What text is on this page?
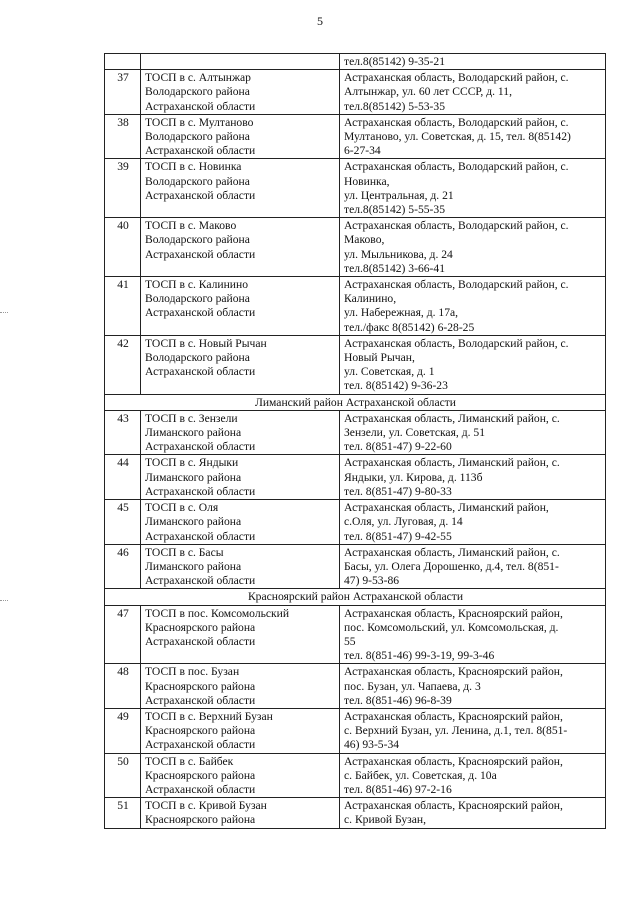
5

		тел.8(85142) 9-35-21

37	ТОСП в с. Алтынжар
Володарского района
Астраханской области	Астраханская область, Володарский район, с.
Алтынжар, ул. 60 лет СССР, д. 11,
тел.8(85142) 5-53-35

38	ТОСП в с. Мултаново
Володарского района
Астраханской области	Астраханская область, Володарский район, с.
Мултаново, ул. Советская, д. 15, тел. 8(85142)
6-27-34

39	ТОСП в с. Новинка
Володарского района
Астраханской области	Астраханская область, Володарский район, с.
Новинка,
ул. Центральная, д. 21
тел.8(85142) 5-55-35

40	ТОСП в с. Маково
Володарского района
Астраханской области	Астраханская область, Володарский район, с.
Маково,
ул. Мыльникова, д. 24
тел.8(85142) 3-66-41

41	ТОСП в с. Калинино
Володарского района
Астраханской области	Астраханская область, Володарский район, с.
Калинино,
ул. Набережная, д. 17а,
тел./факс 8(85142) 6-28-25

42	ТОСП в с. Новый Рычан
Володарского района
Астраханской области	Астраханская область, Володарский район, с.
Новый Рычан,
ул. Советская, д. 1
тел. 8(85142) 9-36-23

Лиманский район Астраханской области		
43	ТОСП в с. Зензели
Лиманского района
Астраханской области	Астраханская область, Лиманский район, с.
Зензели, ул. Советская, д. 51
тел. 8(851-47) 9-22-60

44	ТОСП в с. Яндыки
Лиманского района
Астраханской области	Астраханская область, Лиманский район, с.
Яндыки, ул. Кирова, д. 113б
тел. 8(851-47) 9-80-33

45	ТОСП в с. Оля
Лиманского района
Астраханской области	Астраханская область, Лиманский район,
с.Оля, ул. Луговая, д. 14
тел. 8(851-47) 9-42-55

46	ТОСП в с. Басы
Лиманского района
Астраханской области	Астраханская область, Лиманский район, с.
Басы, ул. Олега Дорошенко, д.4, тел. 8(851-
47) 9-53-86

Красноярский район Астраханской области		
47	ТОСП в пос. Комсомольский
Красноярского района
Астраханской области	Астраханская область, Красноярский район,
пос. Комсомольский, ул. Комсомольская, д.
55
тел. 8(851-46) 99-3-19, 99-3-46

48	ТОСП в пос. Бузан
Красноярского района
Астраханской области	Астраханская область, Красноярский район,
пос. Бузан, ул. Чапаева, д. 3
тел. 8(851-46) 96-8-39

49	ТОСП в с. Верхний Бузан
Красноярского района
Астраханской области	Астраханская область, Красноярский район,
с. Верхний Бузан, ул. Ленина, д.1, тел. 8(851-
46) 93-5-34

50	ТОСП в с. Байбек
Красноярского района
Астраханской области	Астраханская область, Красноярский район,
с. Байбек, ул. Советская, д. 10а
тел. 8(851-46) 97-2-16

51	ТОСП в с. Кривой Бузан
Красноярского района	Астраханская область, Красноярский район,
с. Кривой Бузан,
